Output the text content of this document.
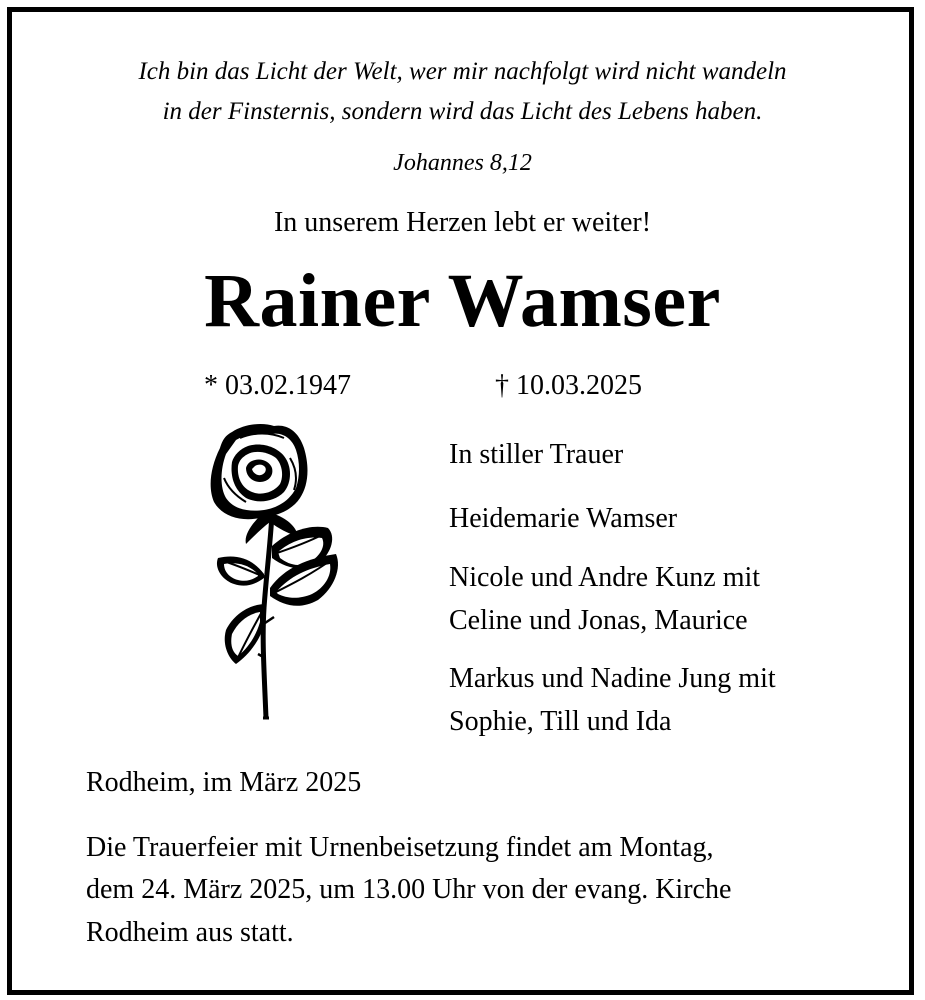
Ich bin das Licht der Welt, wer mir nachfolgt wird nicht wandeln
in der Finsternis, sondern wird das Licht des Lebens haben.
Johannes 8,12
In unserem Herzen lebt er weiter!
Rainer Wamser
* 03.02.1947	† 10.03.2025
In stiller Trauer
Heidemarie Wamser
Nicole und Andre Kunz mit
Celine und Jonas, Maurice
Markus und Nadine Jung mit
Sophie, Till und Ida
Rodheim, im März 2025
Die Trauerfeier mit Urnenbeisetzung findet am Montag,
dem 24. März 2025, um 13.00 Uhr von der evang. Kirche
Rodheim aus statt.
